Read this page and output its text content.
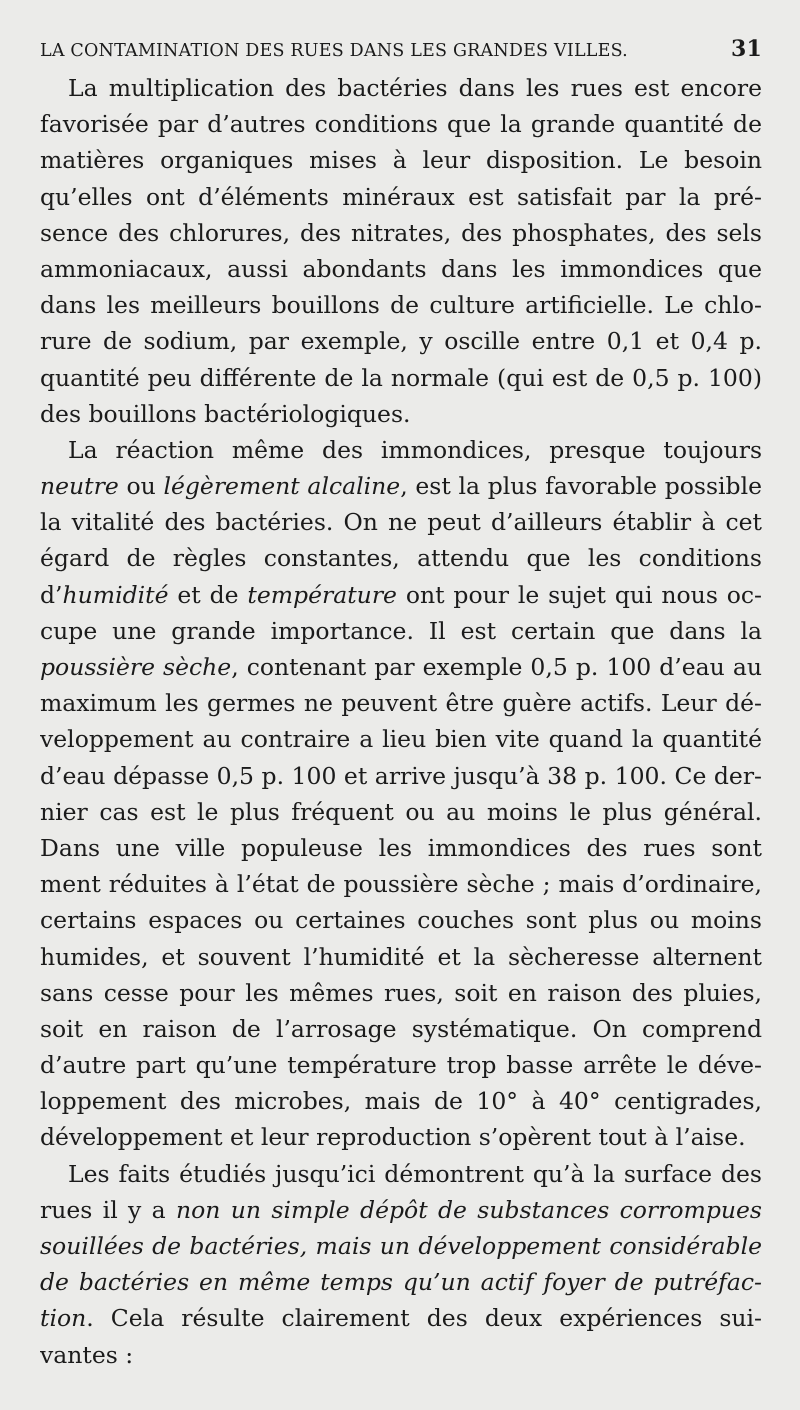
LA CONTAMINATION DES RUES DANS LES GRANDES VILLES.	31
La multiplication des bactéries dans les rues est encore
favorisée par d’autres conditions que la grande quantité de
matières organiques mises à leur disposition. Le besoin
qu’elles ont d’éléments minéraux est satisfait par la pré-
sence des chlorures, des nitrates, des phosphates, des sels
ammoniacaux, aussi abondants dans les immondices que
dans les meilleurs bouillons de culture artificielle. Le chlo-
rure de sodium, par exemple, y oscille entre 0,1 et 0,4 p.
quantité peu différente de la normale (qui est de 0,5 p. 100)
des bouillons bactériologiques.
La réaction même des immondices, presque toujours
neutre ou légèrement alcaline, est la plus favorable possible
la vitalité des bactéries. On ne peut d’ailleurs établir à cet
égard de règles constantes, attendu que les conditions
d’humidité et de température ont pour le sujet qui nous oc-
cupe une grande importance. Il est certain que dans la
poussière sèche, contenant par exemple 0,5 p. 100 d’eau au
maximum les germes ne peuvent être guère actifs. Leur dé-
veloppement au contraire a lieu bien vite quand la quantité
d’eau dépasse 0,5 p. 100 et arrive jusqu’à 38 p. 100. Ce der-
nier cas est le plus fréquent ou au moins le plus général.
Dans une ville populeuse les immondices des rues sont
ment réduites à l’état de poussière sèche ; mais d’ordinaire,
certains espaces ou certaines couches sont plus ou moins
humides, et souvent l’humidité et la sècheresse alternent
sans cesse pour les mêmes rues, soit en raison des pluies,
soit en raison de l’arrosage systématique. On comprend
d’autre part qu’une température trop basse arrête le déve-
loppement des microbes, mais de 10° à 40° centigrades,
développement et leur reproduction s’opèrent tout à l’aise.
Les faits étudiés jusqu’ici démontrent qu’à la surface des
rues il y a non un simple dépôt de substances corrompues
souillées de bactéries, mais un développement considérable
de bactéries en même temps qu’un actif foyer de putréfac-
tion. Cela résulte clairement des deux expériences sui-
vantes :
